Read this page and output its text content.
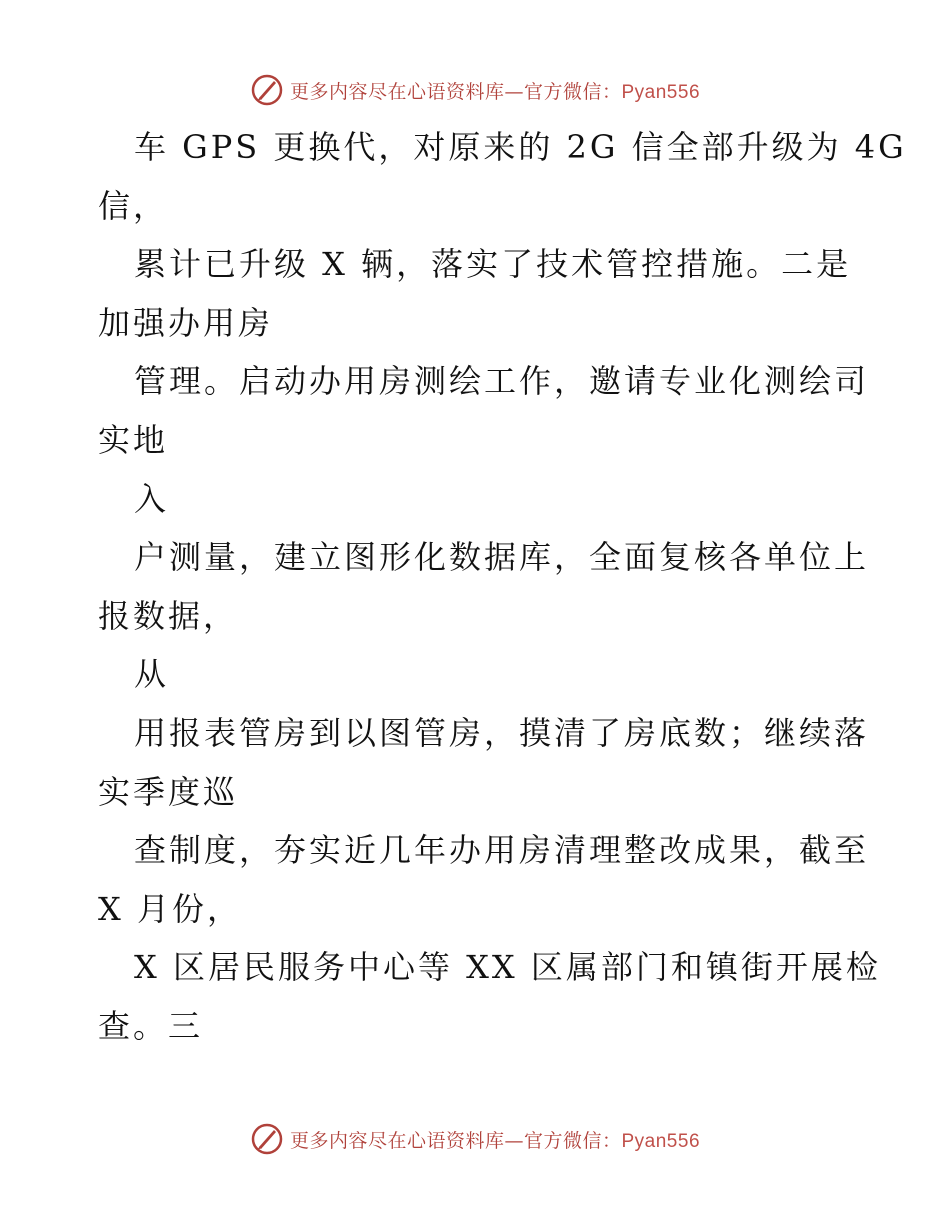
更多内容尽在心语资料库—官方微信：Pyan556
车 GPS 更换代，对原来的 2G 信全部升级为 4G
信，
累计已升级 X 辆，落实了技术管控措施。二是
加强办用房
管理。启动办用房测绘工作，邀请专业化测绘司
实地
入
户测量，建立图形化数据库，全面复核各单位上
报数据，
从
用报表管房到以图管房，摸清了房底数；继续落
实季度巡
查制度，夯实近几年办用房清理整改成果，截至
X 月份，
X 区居民服务中心等 XX 区属部门和镇街开展检
查。三
更多内容尽在心语资料库—官方微信：Pyan556
